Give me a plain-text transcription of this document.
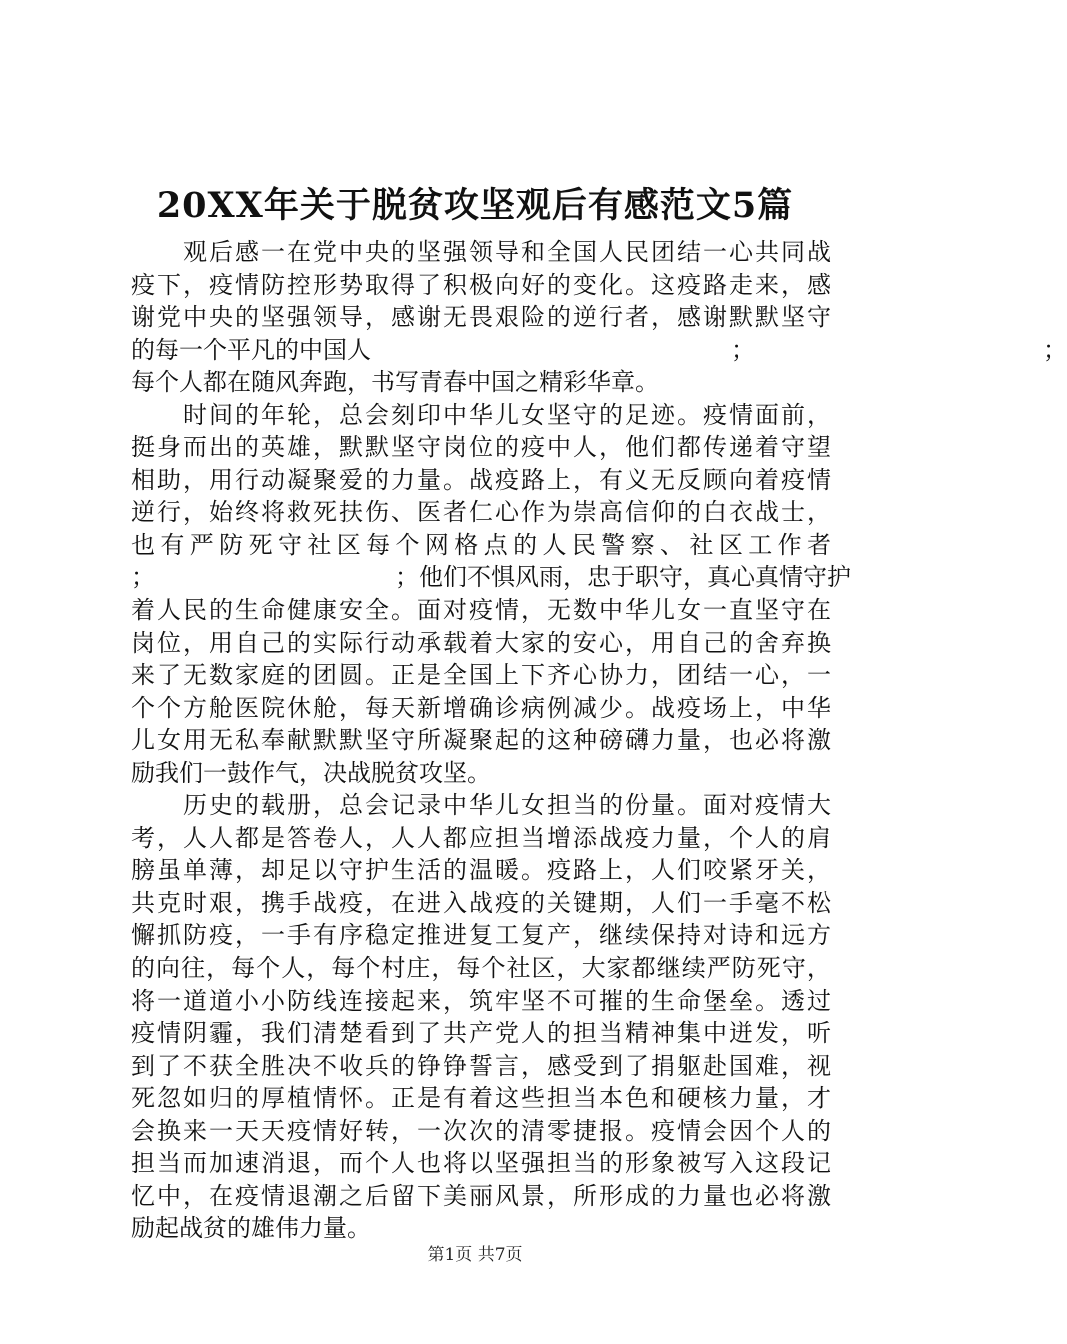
20XX年关于脱贫攻坚观后有感范文5篇

观 后 感 一 在 党 中 央 的 坚 强 领 导 和 全 国 人 民 团 结 一 心 共 同 战
疫 下 ， 疫 情 防 控 形 势 取 得 了 积 极 向 好 的 变 化 。 这 疫 路 走 来 ， 感
谢 党 中 央 的 坚 强 领 导 ， 感 谢 无 畏 艰 险 的 逆 行 者 ， 感 谢 默 默 坚 守
的 每 一 个 平 凡 的 中 国 人

　	；

　	；
每个人都在随风奔跑，书写青春中国之精彩华章。

时 间 的 年 轮 ， 总 会 刻 印 中 华 儿 女 坚 守 的 足 迹 。 疫 情 面 前 ，
挺 身 而 出 的 英 雄 ， 默 默 坚 守 岗 位 的 疫 中 人 ， 他 们 都 传 递 着 守 望
相 助 ， 用 行 动 凝 聚 爱 的 力 量 。 战 疫 路 上 ， 有 义 无 反 顾 向 着 疫 情
逆 行 ， 始 终 将 救 死 扶 伤 、 医 者 仁 心 作 为 崇 高 信 仰 的 白 衣 战 士 ，
也 有 严 防 死 守 社 区 每 个 网 格 点 的 人 民 警 察 、 社 区 工 作 者
；

　	； 他 们 不 惧 风 雨 ， 忠 于 职 守 ， 真 心 真 情 守 护
着 人 民 的 生 命 健 康 安 全 。 面 对 疫 情 ， 无 数 中 华 儿 女 一 直 坚 守 在
岗 位 ， 用 自 己 的 实 际 行 动 承 载 着 大 家 的 安 心 ， 用 自 己 的 舍 弃 换
来 了 无 数 家 庭 的 团 圆 。 正 是 全 国 上 下 齐 心 协 力 ， 团 结 一 心 ， 一
个 个 方 舱 医 院 休 舱 ， 每 天 新 增 确 诊 病 例 减 少 。 战 疫 场 上 ， 中 华
儿 女 用 无 私 奉 献 默 默 坚 守 所 凝 聚 起 的 这 种 磅 礴 力 量 ， 也 必 将 激
励我们一鼓作气，决战脱贫攻坚。

历 史 的 载 册 ， 总 会 记 录 中 华 儿 女 担 当 的 份 量 。 面 对 疫 情 大
考 ， 人 人 都 是 答 卷 人 ， 人 人 都 应 担 当 增 添 战 疫 力 量 ， 个 人 的 肩
膀 虽 单 薄 ， 却 足 以 守 护 生 活 的 温 暖 。 疫 路 上 ， 人 们 咬 紧 牙 关 ，
共 克 时 艰 ， 携 手 战 疫 ， 在 进 入 战 疫 的 关 键 期 ， 人 们 一 手 毫 不 松
懈 抓 防 疫 ， 一 手 有 序 稳 定 推 进 复 工 复 产 ， 继 续 保 持 对 诗 和 远 方
的 向 往 ， 每 个 人 ， 每 个 村 庄 ， 每 个 社 区 ， 大 家 都 继 续 严 防 死 守 ，
将 一 道 道 小 小 防 线 连 接 起 来 ， 筑 牢 坚 不 可 摧 的 生 命 堡 垒 。 透 过
疫 情 阴 霾 ， 我 们 清 楚 看 到 了 共 产 党 人 的 担 当 精 神 集 中 迸 发 ， 听
到 了 不 获 全 胜 决 不 收 兵 的 铮 铮 誓 言 ， 感 受 到 了 捐 躯 赴 国 难 ， 视
死 忽 如 归 的 厚 植 情 怀 。 正 是 有 着 这 些 担 当 本 色 和 硬 核 力 量 ， 才
会 换 来 一 天 天 疫 情 好 转 ， 一 次 次 的 清 零 捷 报 。 疫 情 会 因 个 人 的
担 当 而 加 速 消 退 ， 而 个 人 也 将 以 坚 强 担 当 的 形 象 被 写 入 这 段 记
忆 中 ， 在 疫 情 退 潮 之 后 留 下 美 丽 风 景 ， 所 形 成 的 力 量 也 必 将 激
励起战贫的雄伟力量。
第1页 共7页
